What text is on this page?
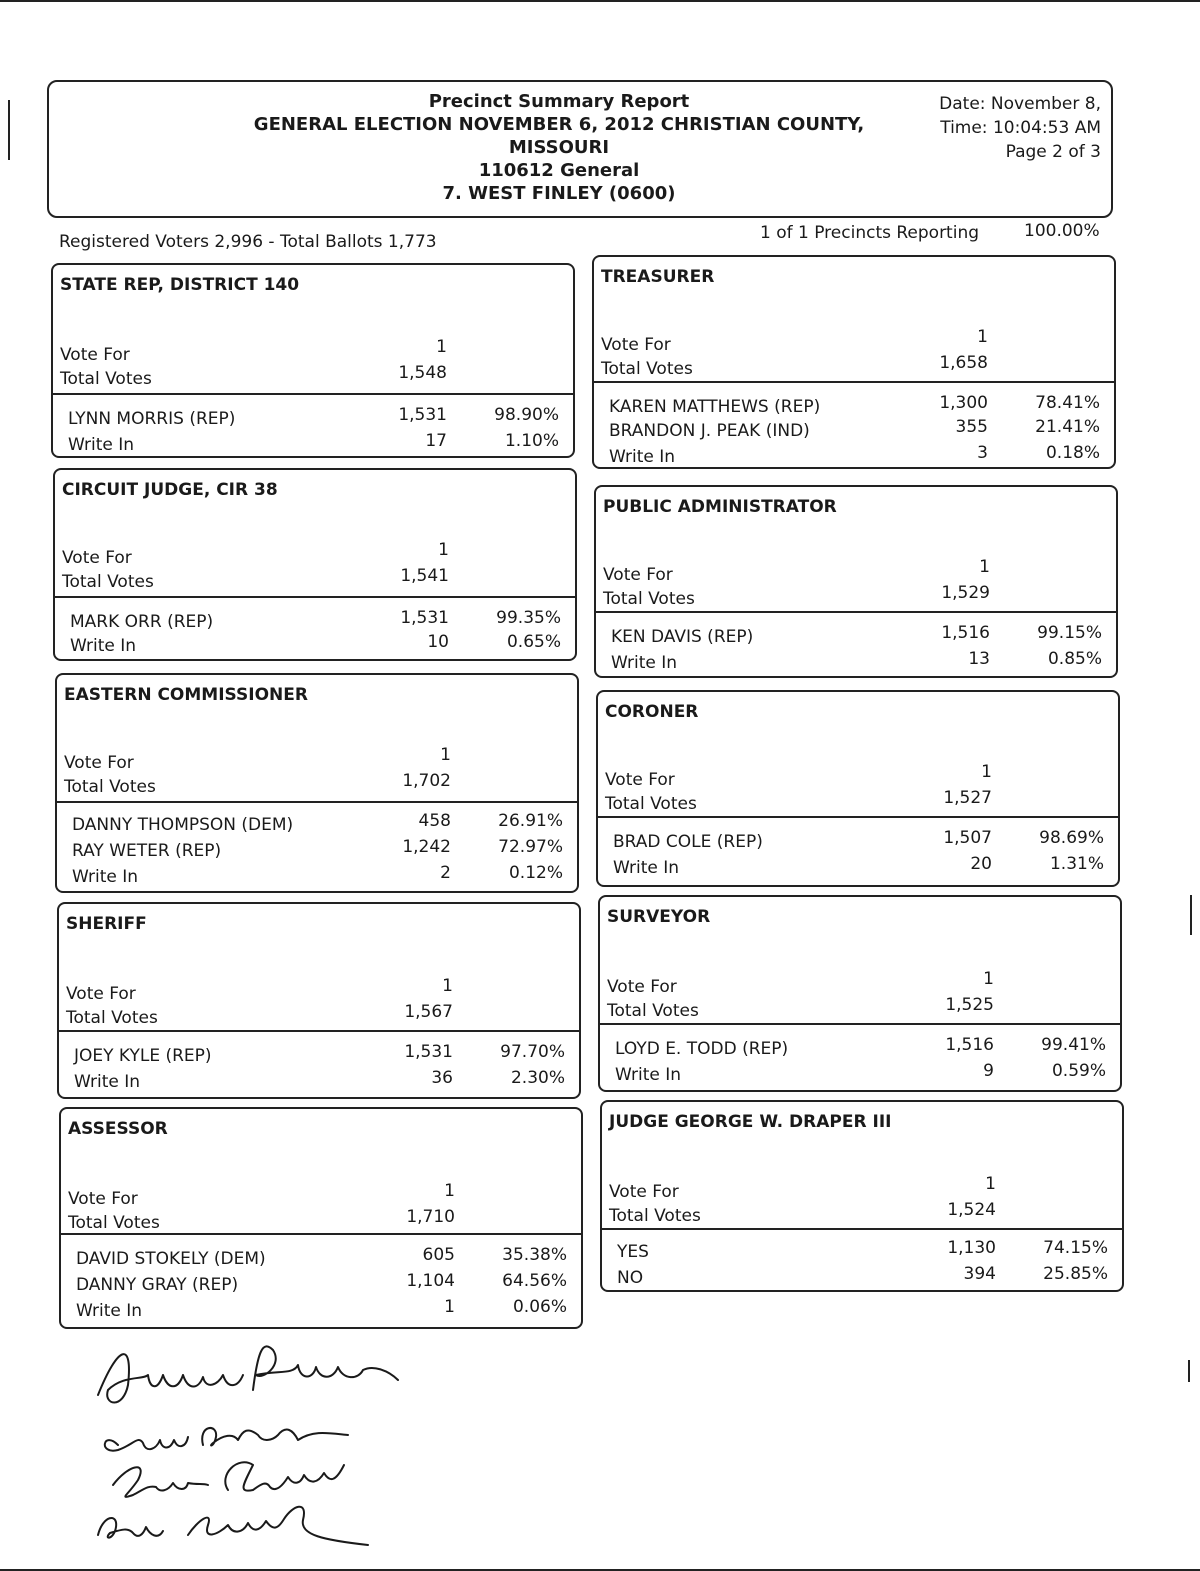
Precinct Summary Report
GENERAL ELECTION NOVEMBER 6, 2012 CHRISTIAN COUNTY,
MISSOURI
110612 General
7. WEST FINLEY (0600)
Date: November 8,
Time: 10:04:53 AM
Page 2 of 3
Registered Voters 2,996 - Total Ballots 1,773	1 of 1 Precincts Reporting	100.00%
STATE REP, DISTRICT 140
Vote For	1
Total Votes	1,548
LYNN MORRIS (REP)	1,531	98.90%
Write In	17	1.10%
CIRCUIT JUDGE, CIR 38
Vote For	1
Total Votes	1,541
MARK ORR (REP)	1,531	99.35%
Write In	10	0.65%
EASTERN COMMISSIONER
Vote For	1
Total Votes	1,702
DANNY THOMPSON (DEM)	458	26.91%
RAY WETER (REP)	1,242	72.97%
Write In	2	0.12%
SHERIFF
Vote For	1
Total Votes	1,567
JOEY KYLE (REP)	1,531	97.70%
Write In	36	2.30%
ASSESSOR
Vote For	1
Total Votes	1,710
DAVID STOKELY (DEM)	605	35.38%
DANNY GRAY (REP)	1,104	64.56%
Write In	1	0.06%
TREASURER
Vote For	1
Total Votes	1,658
KAREN MATTHEWS (REP)	1,300	78.41%
BRANDON J. PEAK (IND)	355	21.41%
Write In	3	0.18%
PUBLIC ADMINISTRATOR
Vote For	1
Total Votes	1,529
KEN DAVIS (REP)	1,516	99.15%
Write In	13	0.85%
CORONER
Vote For	1
Total Votes	1,527
BRAD COLE (REP)	1,507	98.69%
Write In	20	1.31%
SURVEYOR
Vote For	1
Total Votes	1,525
LOYD E. TODD (REP)	1,516	99.41%
Write In	9	0.59%
JUDGE GEORGE W. DRAPER III
Vote For	1
Total Votes	1,524
YES	1,130	74.15%
NO	394	25.85%
